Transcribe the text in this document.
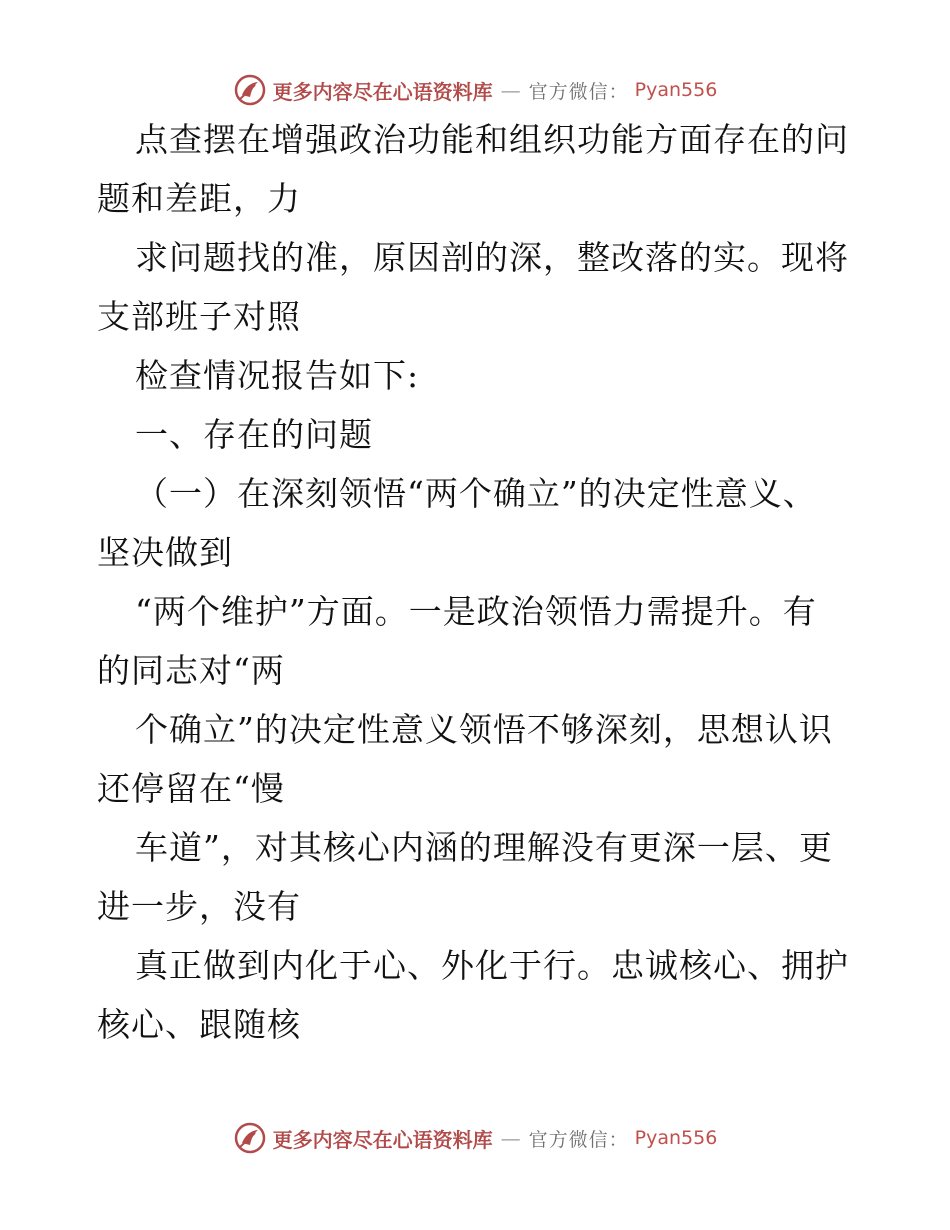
更多内容尽在心语资料库 — 官方微信： Pyan556
点查摆在增强政治功能和组织功能方面存在的问
题和差距，力
求问题找的准，原因剖的深，整改落的实。现将
支部班子对照
检查情况报告如下:
一、存在的问题
（一）在深刻领悟“两个确立”的决定性意义、
坚决做到
“两个维护”方面。一是政治领悟力需提升。有
的同志对“两
个确立”的决定性意义领悟不够深刻，思想认识
还停留在“慢
车道”，对其核心内涵的理解没有更深一层、更
进一步，没有
真正做到内化于心、外化于行。忠诚核心、拥护
核心、跟随核
更多内容尽在心语资料库 — 官方微信： Pyan556
